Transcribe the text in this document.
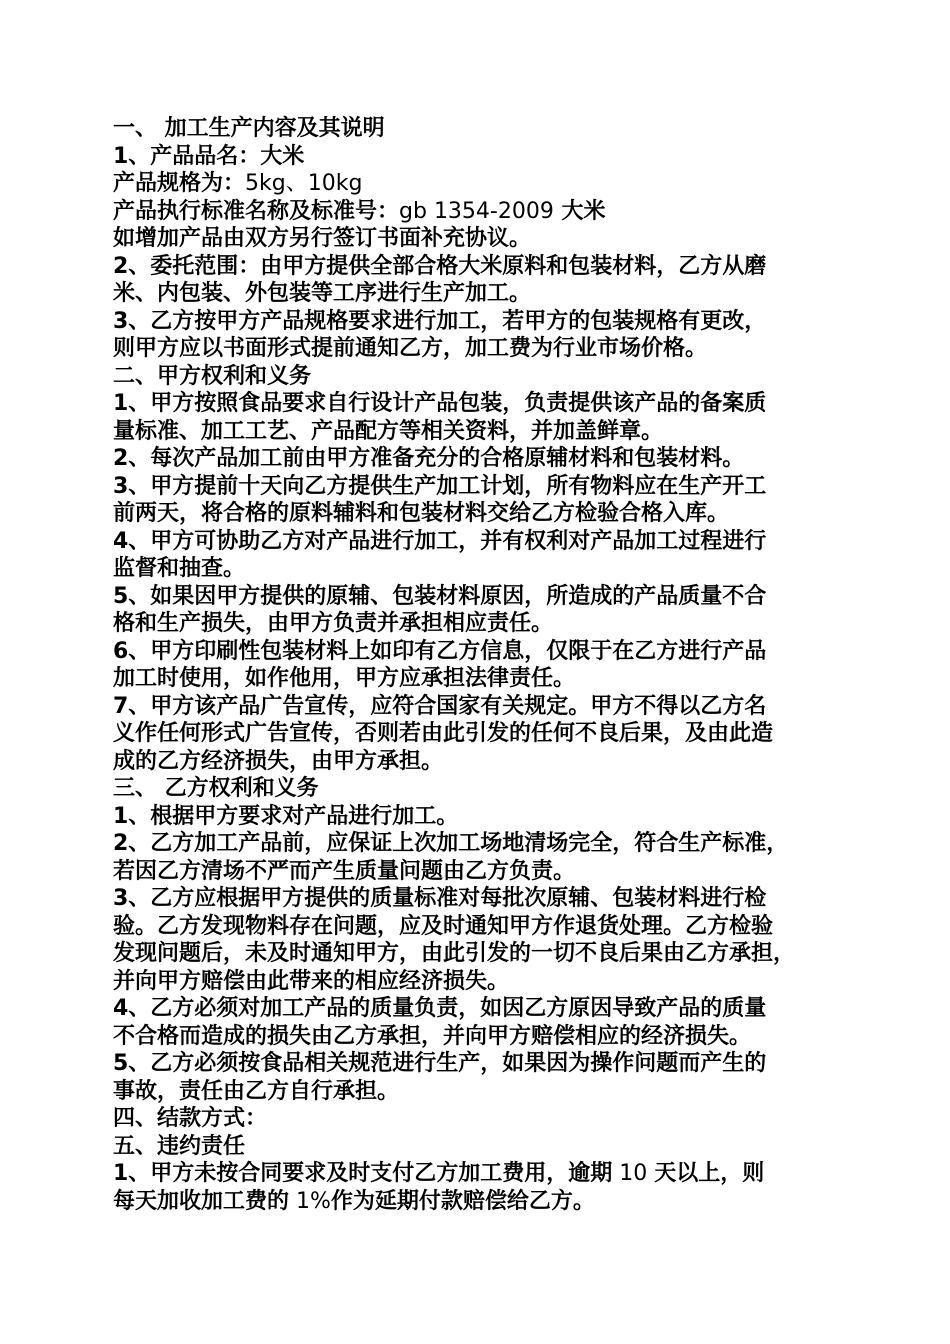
一、 加工生产内容及其说明
1、产品品名：大米
产品规格为：5kg、10kg
产品执行标准名称及标准号：gb 1354-2009 大米
如增加产品由双方另行签订书面补充协议。
2、委托范围：由甲方提供全部合格大米原料和包装材料，乙方从磨
米、内包装、外包装等工序进行生产加工。
3、乙方按甲方产品规格要求进行加工，若甲方的包装规格有更改，
则甲方应以书面形式提前通知乙方，加工费为行业市场价格。
二、甲方权利和义务
1、甲方按照食品要求自行设计产品包装，负责提供该产品的备案质
量标准、加工工艺、产品配方等相关资料，并加盖鲜章。
2、每次产品加工前由甲方准备充分的合格原辅材料和包装材料。
3、甲方提前十天向乙方提供生产加工计划，所有物料应在生产开工
前两天，将合格的原料辅料和包装材料交给乙方检验合格入库。
4、甲方可协助乙方对产品进行加工，并有权利对产品加工过程进行
监督和抽查。
5、如果因甲方提供的原辅、包装材料原因，所造成的产品质量不合
格和生产损失，由甲方负责并承担相应责任。
6、甲方印刷性包装材料上如印有乙方信息，仅限于在乙方进行产品
加工时使用，如作他用，甲方应承担法律责任。
7、甲方该产品广告宣传，应符合国家有关规定。甲方不得以乙方名
义作任何形式广告宣传，否则若由此引发的任何不良后果，及由此造
成的乙方经济损失，由甲方承担。
三、 乙方权利和义务
1、根据甲方要求对产品进行加工。
2、乙方加工产品前，应保证上次加工场地清场完全，符合生产标准，
若因乙方清场不严而产生质量问题由乙方负责。
3、乙方应根据甲方提供的质量标准对每批次原辅、包装材料进行检
验。乙方发现物料存在问题，应及时通知甲方作退货处理。乙方检验
发现问题后，未及时通知甲方，由此引发的一切不良后果由乙方承担，
并向甲方赔偿由此带来的相应经济损失。
4、乙方必须对加工产品的质量负责，如因乙方原因导致产品的质量
不合格而造成的损失由乙方承担，并向甲方赔偿相应的经济损失。
5、乙方必须按食品相关规范进行生产，如果因为操作问题而产生的
事故，责任由乙方自行承担。
四、结款方式：
五、违约责任
1、甲方未按合同要求及时支付乙方加工费用，逾期 10 天以上，则
每天加收加工费的 1%作为延期付款赔偿给乙方。
